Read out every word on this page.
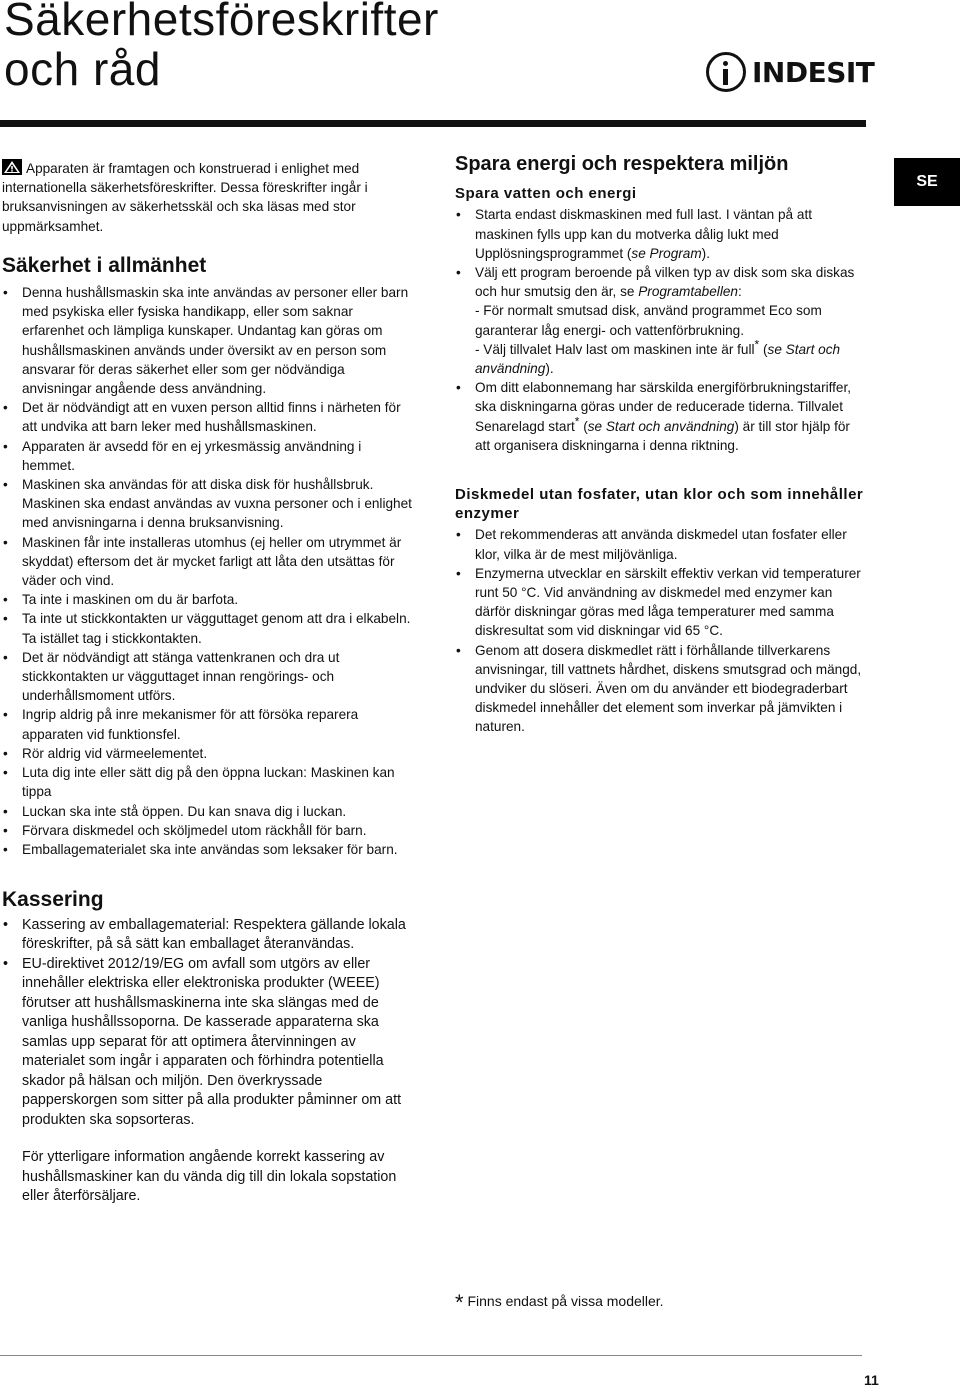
Säkerhetsföreskrifter
och råd	INDESIT
SE

Apparaten är framtagen och konstruerad i enlighet med internationella säkerhetsföreskrifter. Dessa föreskrifter ingår i bruksanvisningen av säkerhetsskäl och ska läsas med stor uppmärksamhet.

Säkerhet i allmänhet
• Denna hushållsmaskin ska inte användas av personer eller barn med psykiska eller fysiska handikapp, eller som saknar erfarenhet och lämpliga kunskaper. Undantag kan göras om hushållsmaskinen används under översikt av en person som ansvarar för deras säkerhet eller som ger nödvändiga anvisningar angående dess användning.
• Det är nödvändigt att en vuxen person alltid finns i närheten för att undvika att barn leker med hushållsmaskinen.
• Apparaten är avsedd för en ej yrkesmässig användning i hemmet.
• Maskinen ska användas för att diska disk för hushållsbruk. Maskinen ska endast användas av vuxna personer och i enlighet med anvisningarna i denna bruksanvisning.
• Maskinen får inte installeras utomhus (ej heller om utrymmet är skyddat) eftersom det är mycket farligt att låta den utsättas för väder och vind.
• Ta inte i maskinen om du är barfota.
• Ta inte ut stickkontakten ur vägguttaget genom att dra i elkabeln. Ta istället tag i stickkontakten.
• Det är nödvändigt att stänga vattenkranen och dra ut stickkontakten ur vägguttaget innan rengörings- och underhållsmoment utförs.
• Ingrip aldrig på inre mekanismer för att försöka reparera apparaten vid funktionsfel.
• Rör aldrig vid värmeelementet.
• Luta dig inte eller sätt dig på den öppna luckan: Maskinen kan tippa
• Luckan ska inte stå öppen. Du kan snava dig i luckan.
• Förvara diskmedel och sköljmedel utom räckhåll för barn.
• Emballagematerialet ska inte användas som leksaker för barn.
Kassering
• Kassering av emballagematerial: Respektera gällande lokala föreskrifter, på så sätt kan emballaget återanvändas.
• EU-direktivet 2012/19/EG om avfall som utgörs av eller innehåller elektriska eller elektroniska produkter (WEEE) förutser att hushållsmaskinerna inte ska slängas med de vanliga hushållssoporna. De kasserade apparaterna ska samlas upp separat för att optimera återvinningen av materialet som ingår i apparaten och förhindra potentiella skador på hälsan och miljön. Den överkryssade papperskorgen som sitter på alla produkter påminner om att produkten ska sopsorteras.

För ytterligare information angående korrekt kassering av hushållsmaskiner kan du vända dig till din lokala sopstation eller återförsäljare.

Spara energi och respektera miljön
Spara vatten och energi
• Starta endast diskmaskinen med full last. I väntan på att maskinen fylls upp kan du motverka dålig lukt med Upplösningsprogrammet (se Program).
• Välj ett program beroende på vilken typ av disk som ska diskas och hur smutsig den är, se Programtabellen:
- För normalt smutsad disk, använd programmet Eco som garanterar låg energi- och vattenförbrukning.
- Välj tillvalet Halv last om maskinen inte är full* (se Start och användning).
• Om ditt elabonnemang har särskilda energiförbrukningstariffer, ska diskningarna göras under de reducerade tiderna. Tillvalet Senarelagd start* (se Start och användning) är till stor hjälp för att organisera diskningarna i denna riktning.
Diskmedel utan fosfater, utan klor och som innehåller enzymer
• Det rekommenderas att använda diskmedel utan fosfater eller klor, vilka är de mest miljövänliga.
• Enzymerna utvecklar en särskilt effektiv verkan vid temperaturer runt 50 °C. Vid användning av diskmedel med enzymer kan därför diskningar göras med låga temperaturer med samma diskresultat som vid diskningar vid 65 °C.
• Genom att dosera diskmedlet rätt i förhållande tillverkarens anvisningar, till vattnets hårdhet, diskens smutsgrad och mängd, undviker du slöseri. Även om du använder ett biodegraderbart diskmedel innehåller det element som inverkar på jämvikten i naturen.
* Finns endast på vissa modeller.
11
